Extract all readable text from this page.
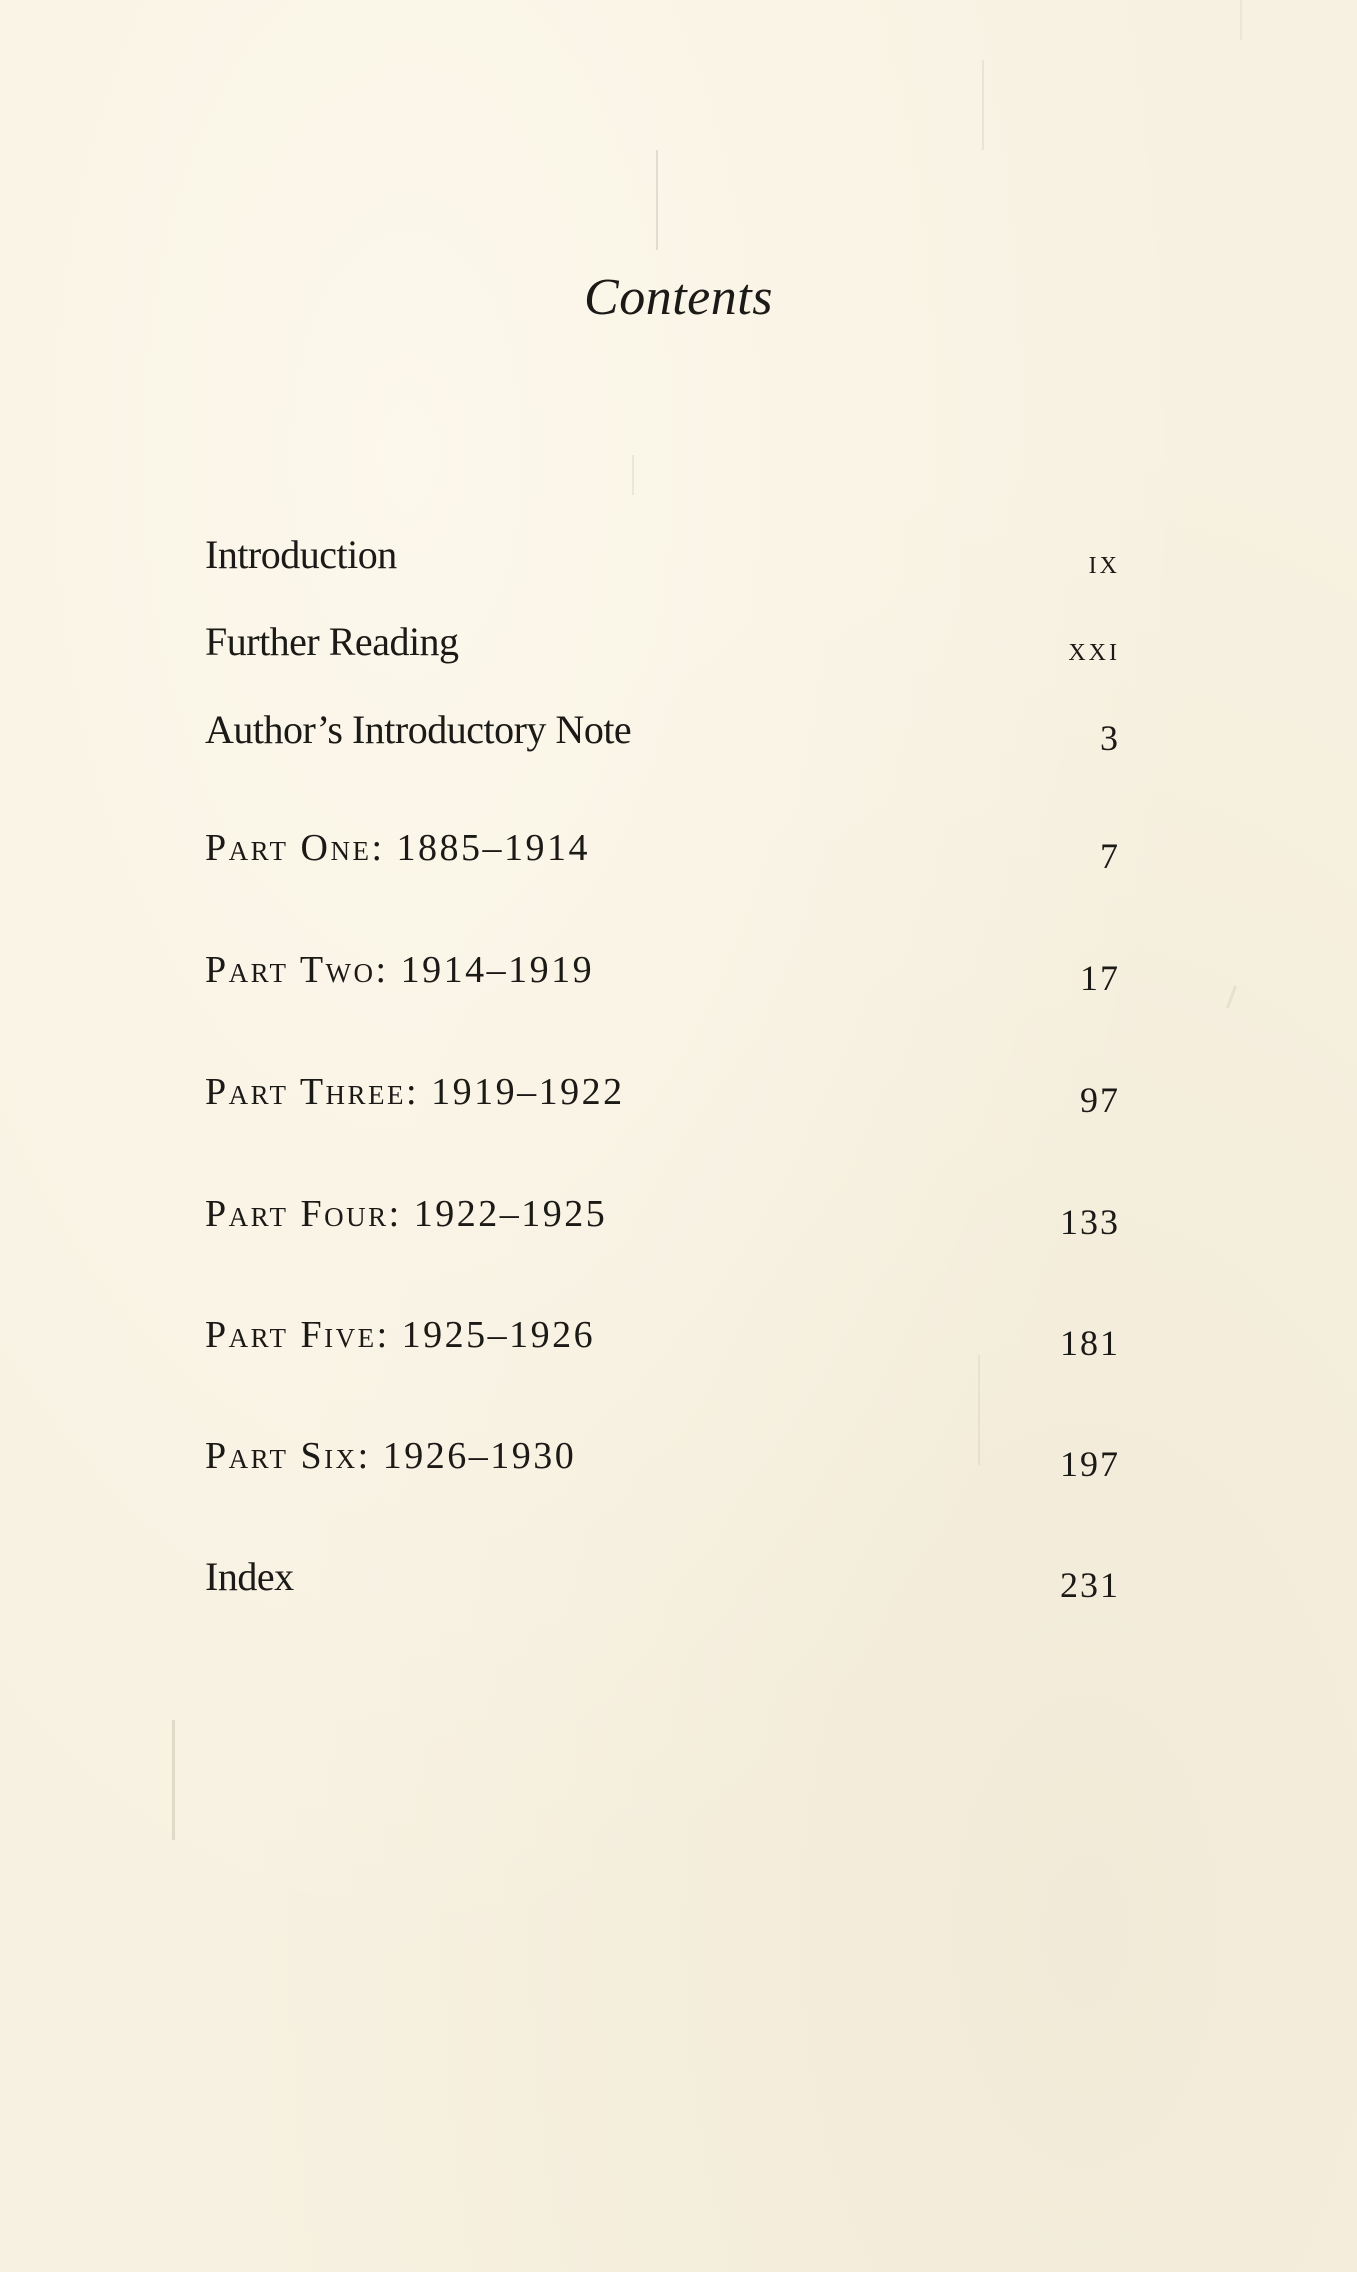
Contents
Introduction	ix
Further Reading	xxi
Author’s Introductory Note	3
Part One: 1885–1914	7
Part Two: 1914–1919	17
Part Three: 1919–1922	97
Part Four: 1922–1925	133
Part Five: 1925–1926	181
Part Six: 1926–1930	197
Index	231
